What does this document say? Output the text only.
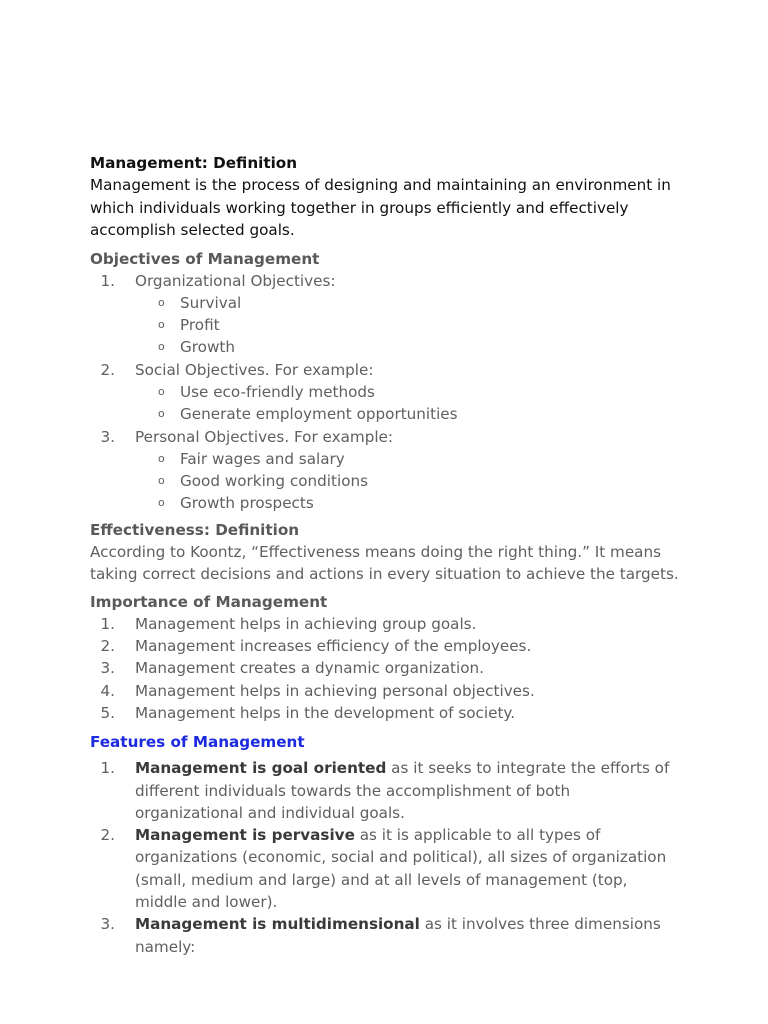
Management: Definition

Management is the process of designing and maintaining an environment in which individuals working together in groups efficiently and effectively accomplish selected goals.

Objectives of Management
1.	Organizational Objectives:
o Survival
o Profit
o Growth
2.	Social Objectives. For example:
o Use eco-friendly methods
o Generate employment opportunities
3.	Personal Objectives. For example:
o Fair wages and salary
o Good working conditions
o Growth prospects
Effectiveness: Definition

According to Koontz, “Effectiveness means doing the right thing.” It means taking correct decisions and actions in every situation to achieve the targets.

Importance of Management
1.	Management helps in achieving group goals.
2.	Management increases efficiency of the employees.
3.	Management creates a dynamic organization.
4.	Management helps in achieving personal objectives.
5.	Management helps in the development of society.
Features of Management
1.	Management is goal oriented as it seeks to integrate the efforts of different individuals towards the accomplishment of both organizational and individual goals.
2.	Management is pervasive as it is applicable to all types of organizations (economic, social and political), all sizes of organization (small, medium and large) and at all levels of management (top, middle and lower).
3.	Management is multidimensional as it involves three dimensions namely:
